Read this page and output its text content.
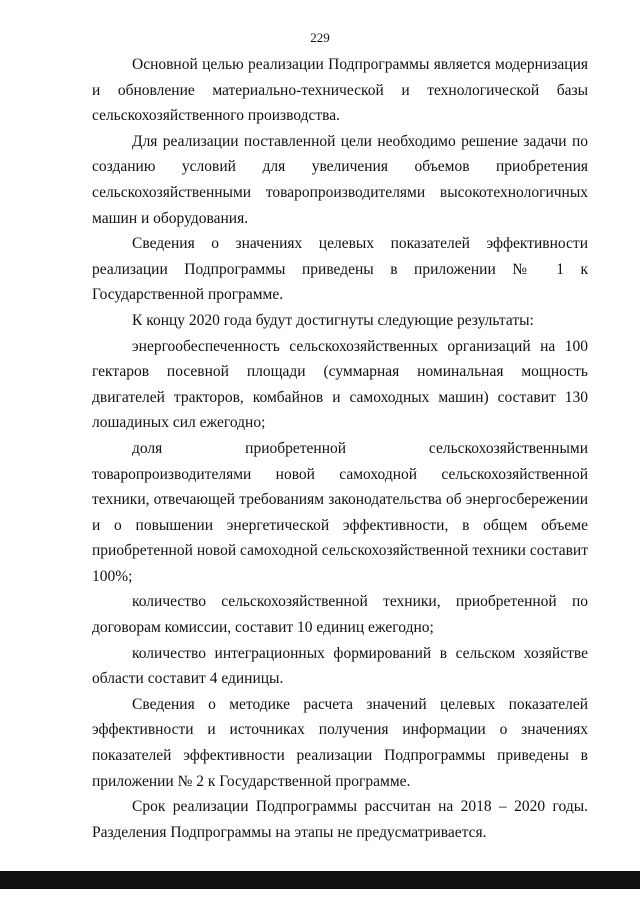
229

Основной целью реализации Подпрограммы является модернизация и обновление материально-технической и технологической базы сельскохозяйственного производства.

Для реализации поставленной цели необходимо решение задачи по созданию условий для увеличения объемов приобретения сельскохозяйственными товаропроизводителями высокотехнологичных машин и оборудования.

Сведения о значениях целевых показателей эффективности реализации Подпрограммы приведены в приложении № 1 к Государственной программе.

К концу 2020 года будут достигнуты следующие результаты:

энергообеспеченность сельскохозяйственных организаций на 100 гектаров посевной площади (суммарная номинальная мощность двигателей тракторов, комбайнов и самоходных машин) составит 130 лошадиных сил ежегодно;

доля приобретенной сельскохозяйственными товаропроизводителями новой самоходной сельскохозяйственной техники, отвечающей требованиям законодательства об энергосбережении и о повышении энергетической эффективности, в общем объеме приобретенной новой самоходной сельскохозяйственной техники составит 100%;

количество сельскохозяйственной техники, приобретенной по договорам комиссии, составит 10 единиц ежегодно;

количество интеграционных формирований в сельском хозяйстве области составит 4 единицы.

Сведения о методике расчета значений целевых показателей эффективности и источниках получения информации о значениях показателей эффективности реализации Подпрограммы приведены в приложении № 2 к Государственной программе.

Срок реализации Подпрограммы рассчитан на 2018 – 2020 годы. Разделения Подпрограммы на этапы не предусматривается.
